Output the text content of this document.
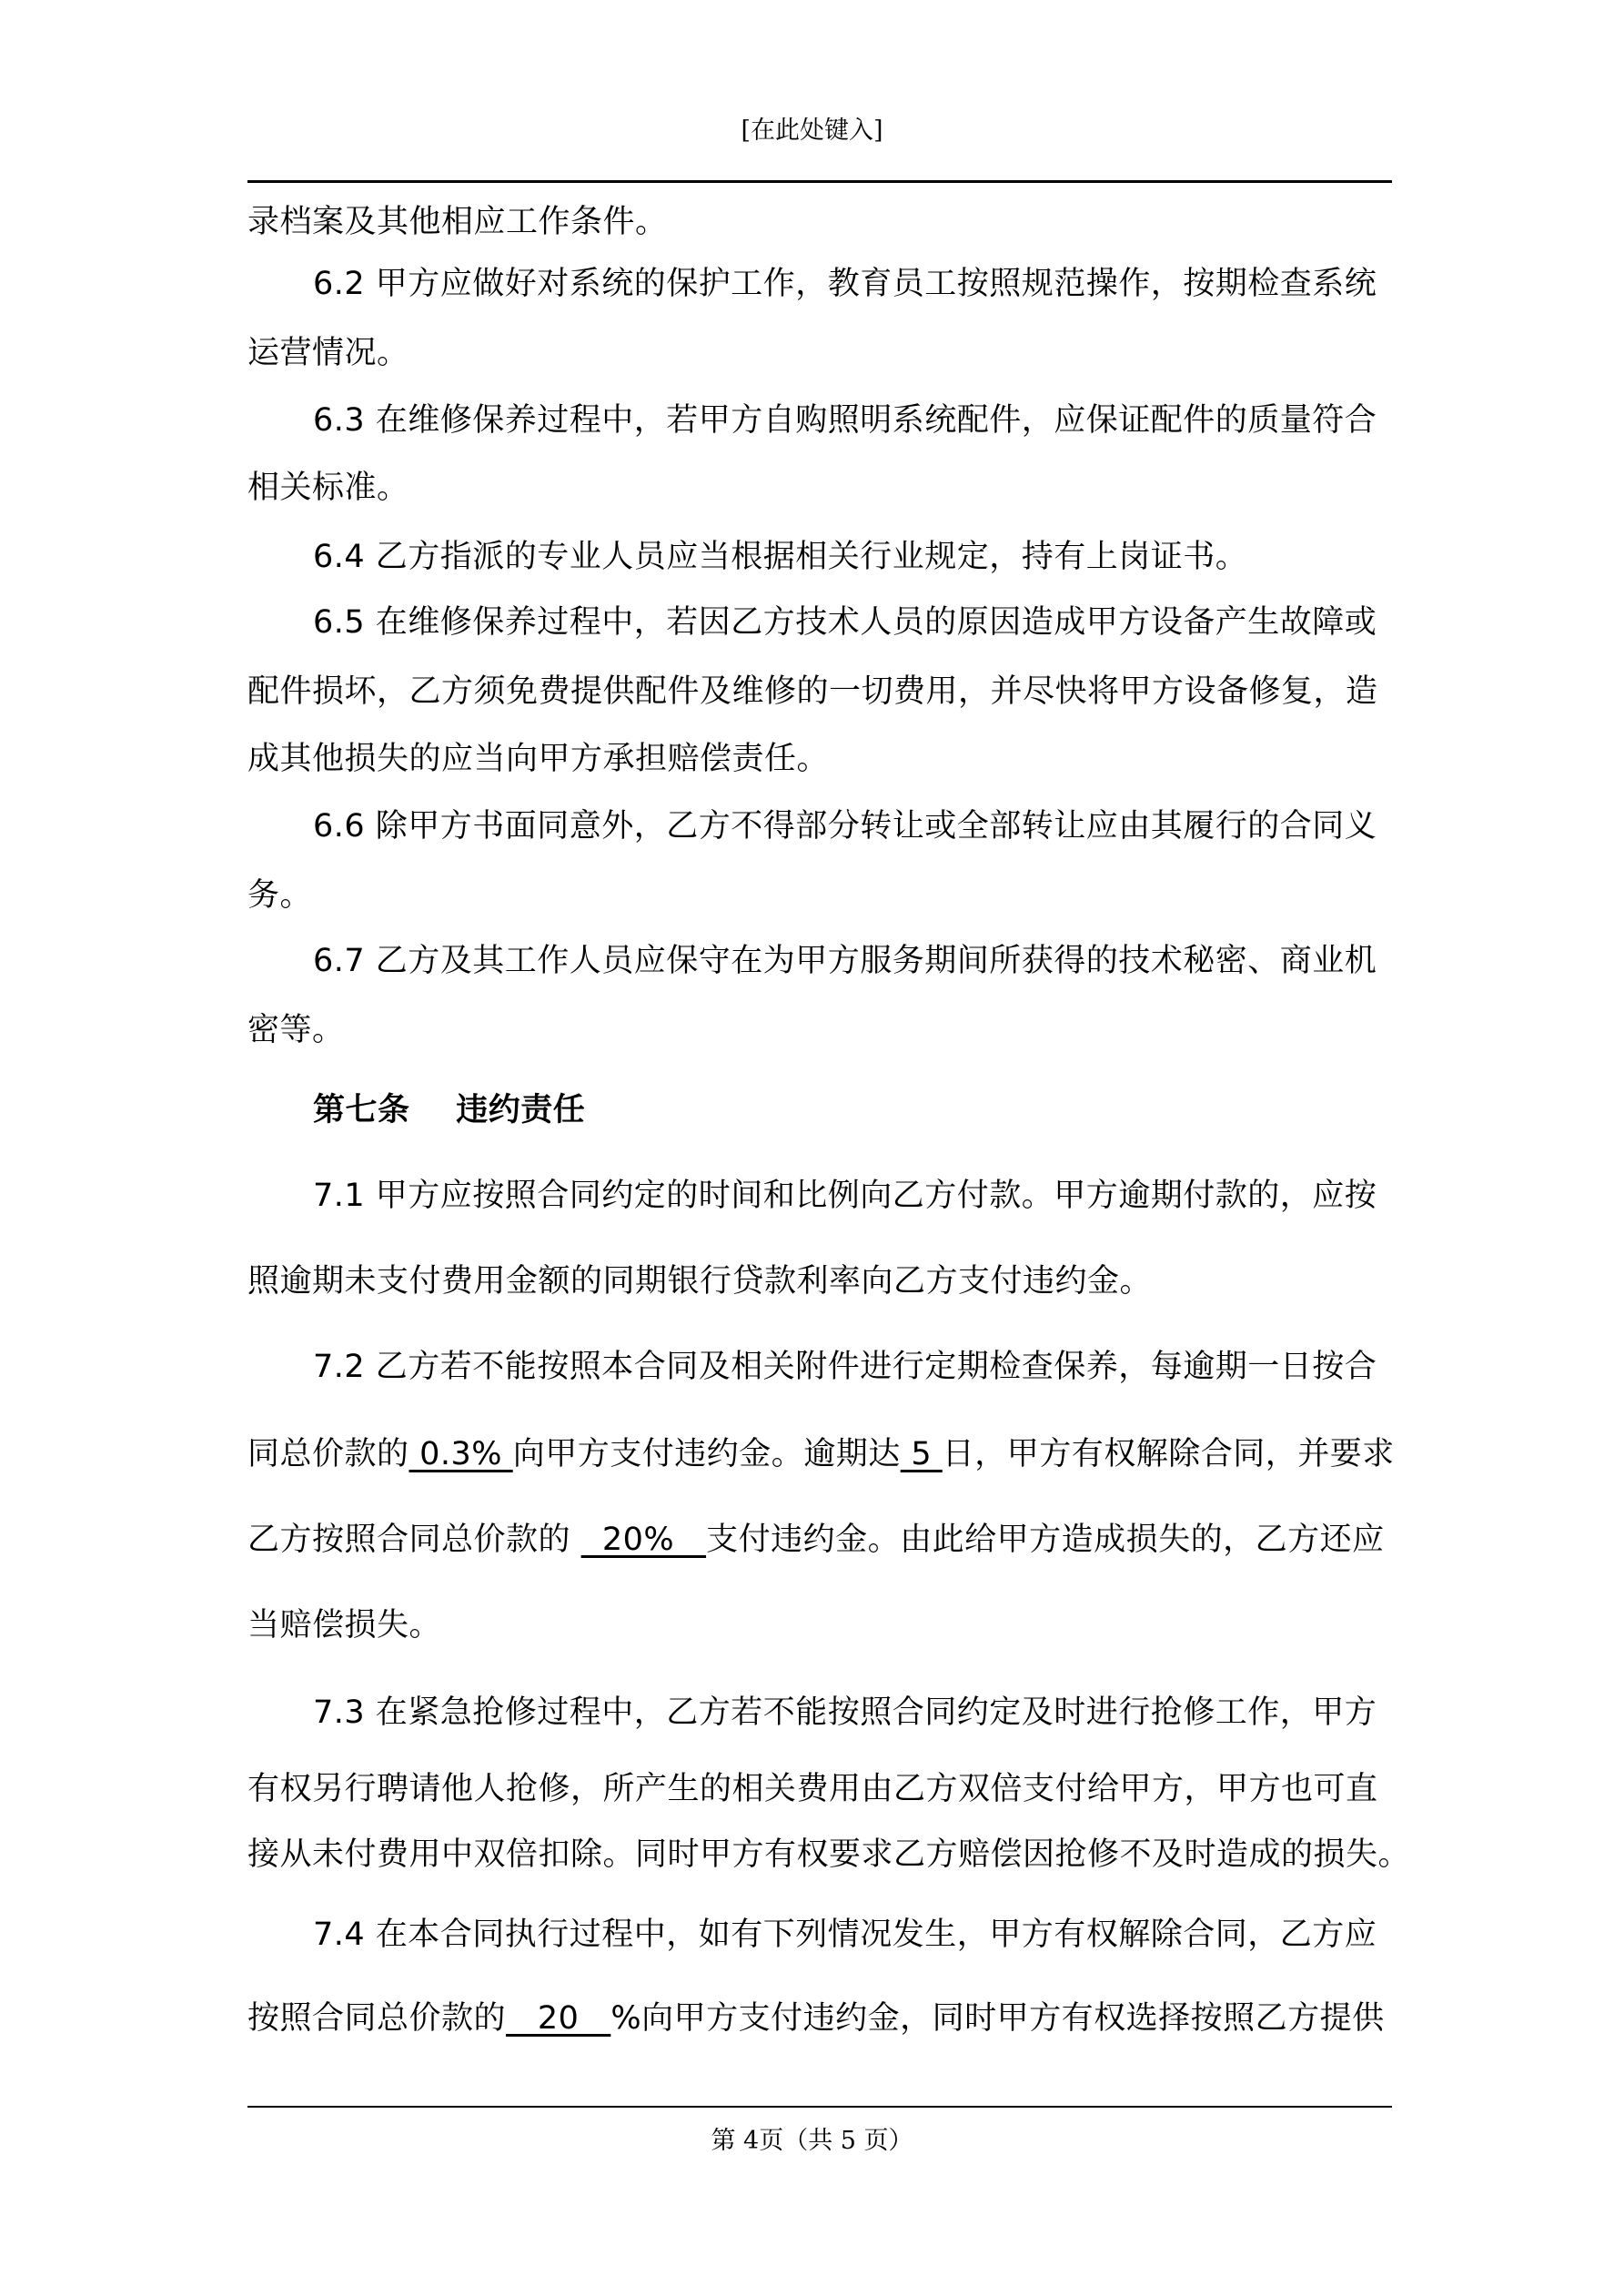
[在此处键入]
录档案及其他相应工作条件。
6.2 甲方应做好对系统的保护工作，教育员工按照规范操作，按期检查系统
运营情况。
6.3 在维修保养过程中，若甲方自购照明系统配件，应保证配件的质量符合
相关标准。
6.4 乙方指派的专业人员应当根据相关行业规定，持有上岗证书。
6.5 在维修保养过程中，若因乙方技术人员的原因造成甲方设备产生故障或
配件损坏，乙方须免费提供配件及维修的一切费用，并尽快将甲方设备修复，造
成其他损失的应当向甲方承担赔偿责任。
6.6 除甲方书面同意外，乙方不得部分转让或全部转让应由其履行的合同义
务。
6.7 乙方及其工作人员应保守在为甲方服务期间所获得的技术秘密、商业机
密等。
第七条    违约责任
7.1 甲方应按照合同约定的时间和比例向乙方付款。甲方逾期付款的，应按
照逾期未支付费用金额的同期银行贷款利率向乙方支付违约金。
7.2 乙方若不能按照本合同及相关附件进行定期检查保养，每逾期一日按合
同总价款的 0.3% 向甲方支付违约金。逾期达 5 日，甲方有权解除合同，并要求
乙方按照合同总价款的   20%   支付违约金。由此给甲方造成损失的，乙方还应
当赔偿损失。
7.3 在紧急抢修过程中，乙方若不能按照合同约定及时进行抢修工作，甲方
有权另行聘请他人抢修，所产生的相关费用由乙方双倍支付给甲方，甲方也可直
接从未付费用中双倍扣除。同时甲方有权要求乙方赔偿因抢修不及时造成的损失。
7.4 在本合同执行过程中，如有下列情况发生，甲方有权解除合同，乙方应
按照合同总价款的   20   %向甲方支付违约金，同时甲方有权选择按照乙方提供
第 4页（共 5 页）
